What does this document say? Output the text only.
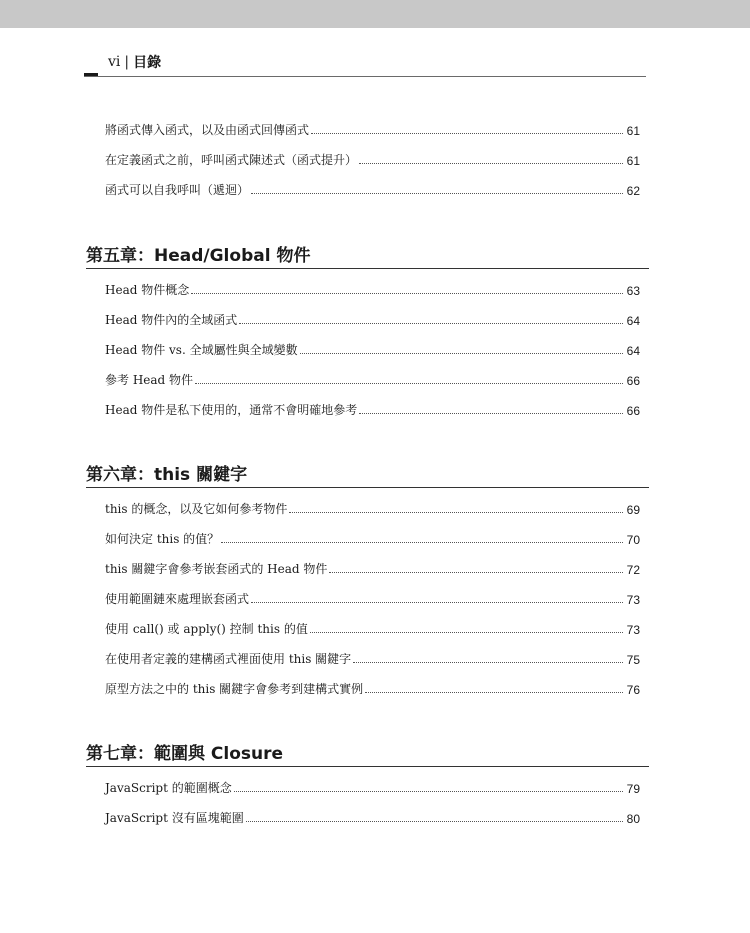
vi | 目錄
將函式傳入函式，以及由函式回傳函式	61
在定義函式之前，呼叫函式陳述式（函式提升）	61
函式可以自我呼叫（遞迴）	62
第五章：Head/Global 物件
Head 物件概念	63
Head 物件內的全域函式	64
Head 物件 vs. 全域屬性與全域變數	64
參考 Head 物件	66
Head 物件是私下使用的，通常不會明確地參考	66
第六章：this 關鍵字
this 的概念，以及它如何參考物件	69
如何決定 this 的值？	70
this 關鍵字會參考嵌套函式的 Head 物件	72
使用範圍鏈來處理嵌套函式	73
使用 call() 或 apply() 控制 this 的值	73
在使用者定義的建構函式裡面使用 this 關鍵字	75
原型方法之中的 this 關鍵字會參考到建構式實例	76
第七章：範圍與 Closure
JavaScript 的範圍概念	79
JavaScript 沒有區塊範圍	80
